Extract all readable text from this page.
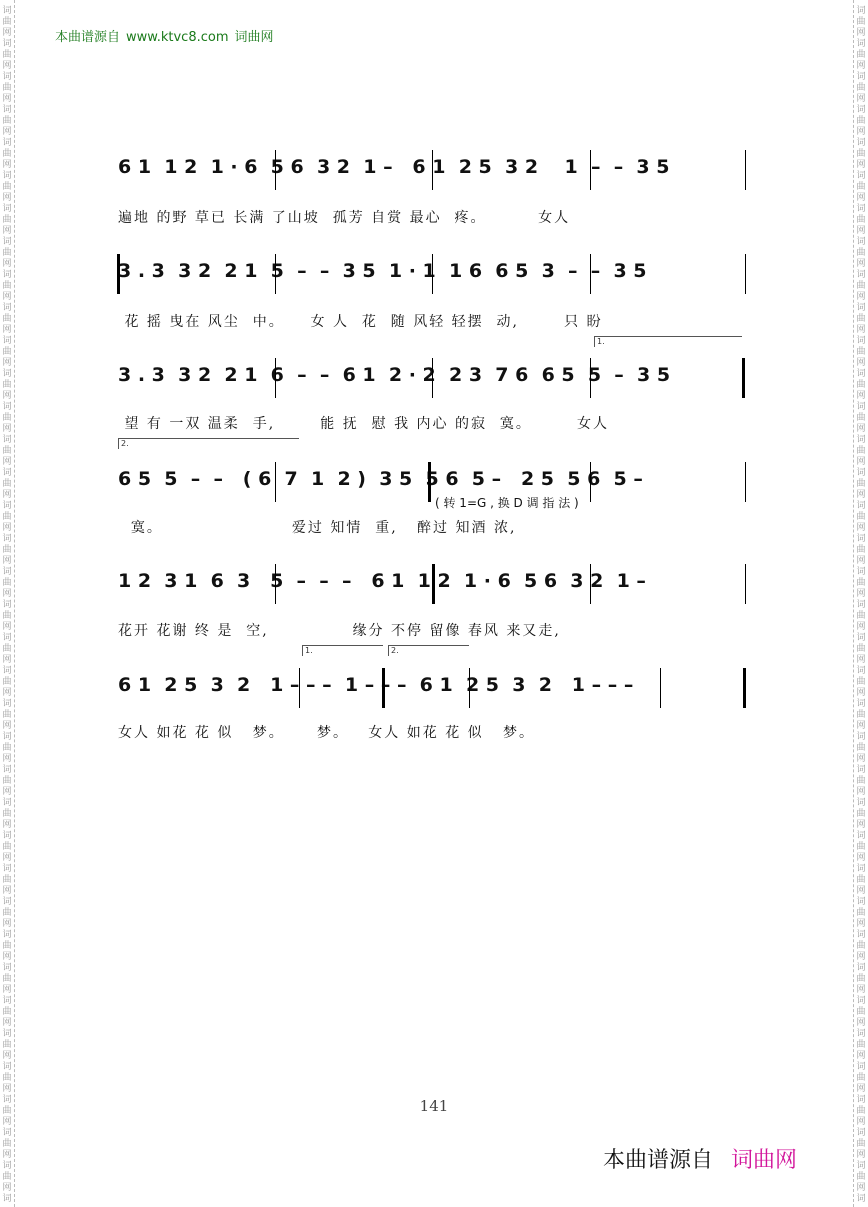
词
曲
网
词
曲
网
词
曲
网
词
曲
网
词
曲
网
词
曲
网
词
曲
网
词
曲
网
词
曲
网
词
曲
网
词
曲
网
词
曲
网
词
曲
网
词
曲
网
词
曲
网
词
曲
网
词
曲
网
词
曲
网
词
曲
网
词
曲
网
词
曲
网
词
曲
网
词
曲
网
词
曲
网
词
曲
网
词
曲
网
词
曲
网
词
曲
网
词
曲
网
词
曲
网
词
曲
网
词
曲
网
词
曲
网
词
曲
网
词
曲
网
词
曲
网
词
词
曲
网
词
曲
网
词
曲
网
词
曲
网
词
曲
网
词
曲
网
词
曲
网
词
曲
网
词
曲
网
词
曲
网
词
曲
网
词
曲
网
词
曲
网
词
曲
网
词
曲
网
词
曲
网
词
曲
网
词
曲
网
词
曲
网
词
曲
网
词
曲
网
词
曲
网
词
曲
网
词
曲
网
词
曲
网
词
曲
网
词
曲
网
词
曲
网
词
曲
网
词
曲
网
词
曲
网
词
曲
网
词
曲
网
词
曲
网
词
曲
网
词
曲
网
词
本曲谱源自 www.ktvc8.com 词曲网
6 1  1 2  1 · 6  5 6  3 2  1 –   6 1  2 5  3 2    1  –  –  3 5
遍地 的野 草已 长满 了山坡  孤芳 自赏 最心  疼。        女人
3 . 3  3 2  2 1  5  –  –  3 5  1 · 1  1 6  6 5  3  –  –  3 5
花 摇 曳在 风尘  中。    女 人  花  随 风轻 轻摆  动,       只 盼
3 . 3  3 2  2 1  6  –  –  6 1  2 · 2  2 3  7 6  6 5  5  –  3 5
望 有 一双 温柔  手,       能 抚  慰 我 内心 的寂  寞。       女人
1.
6 5  5  –  –   ( 6  7  1  2 )  3 5  5 6  5 –   2 5  5 6  5 –
( 转 1=G , 换 D 调 指 法 )
寞。                    爱过 知情  重,   醉过 知酒 浓,
2.
1 2  3 1  6  3   5  –  –  –   6 1  1 2  1 · 6  5 6  3 2  1 –
花开 花谢 终 是  空,             缘分 不停 留像 春风 来又走,
6 1  2 5  3  2   1 – – –  1 – – –  6 1  2 5  3  2   1 – – –
女人 如花 花 似   梦。     梦。   女人 如花 花 似   梦。
1.	2.
141
本曲谱源自 词曲网
